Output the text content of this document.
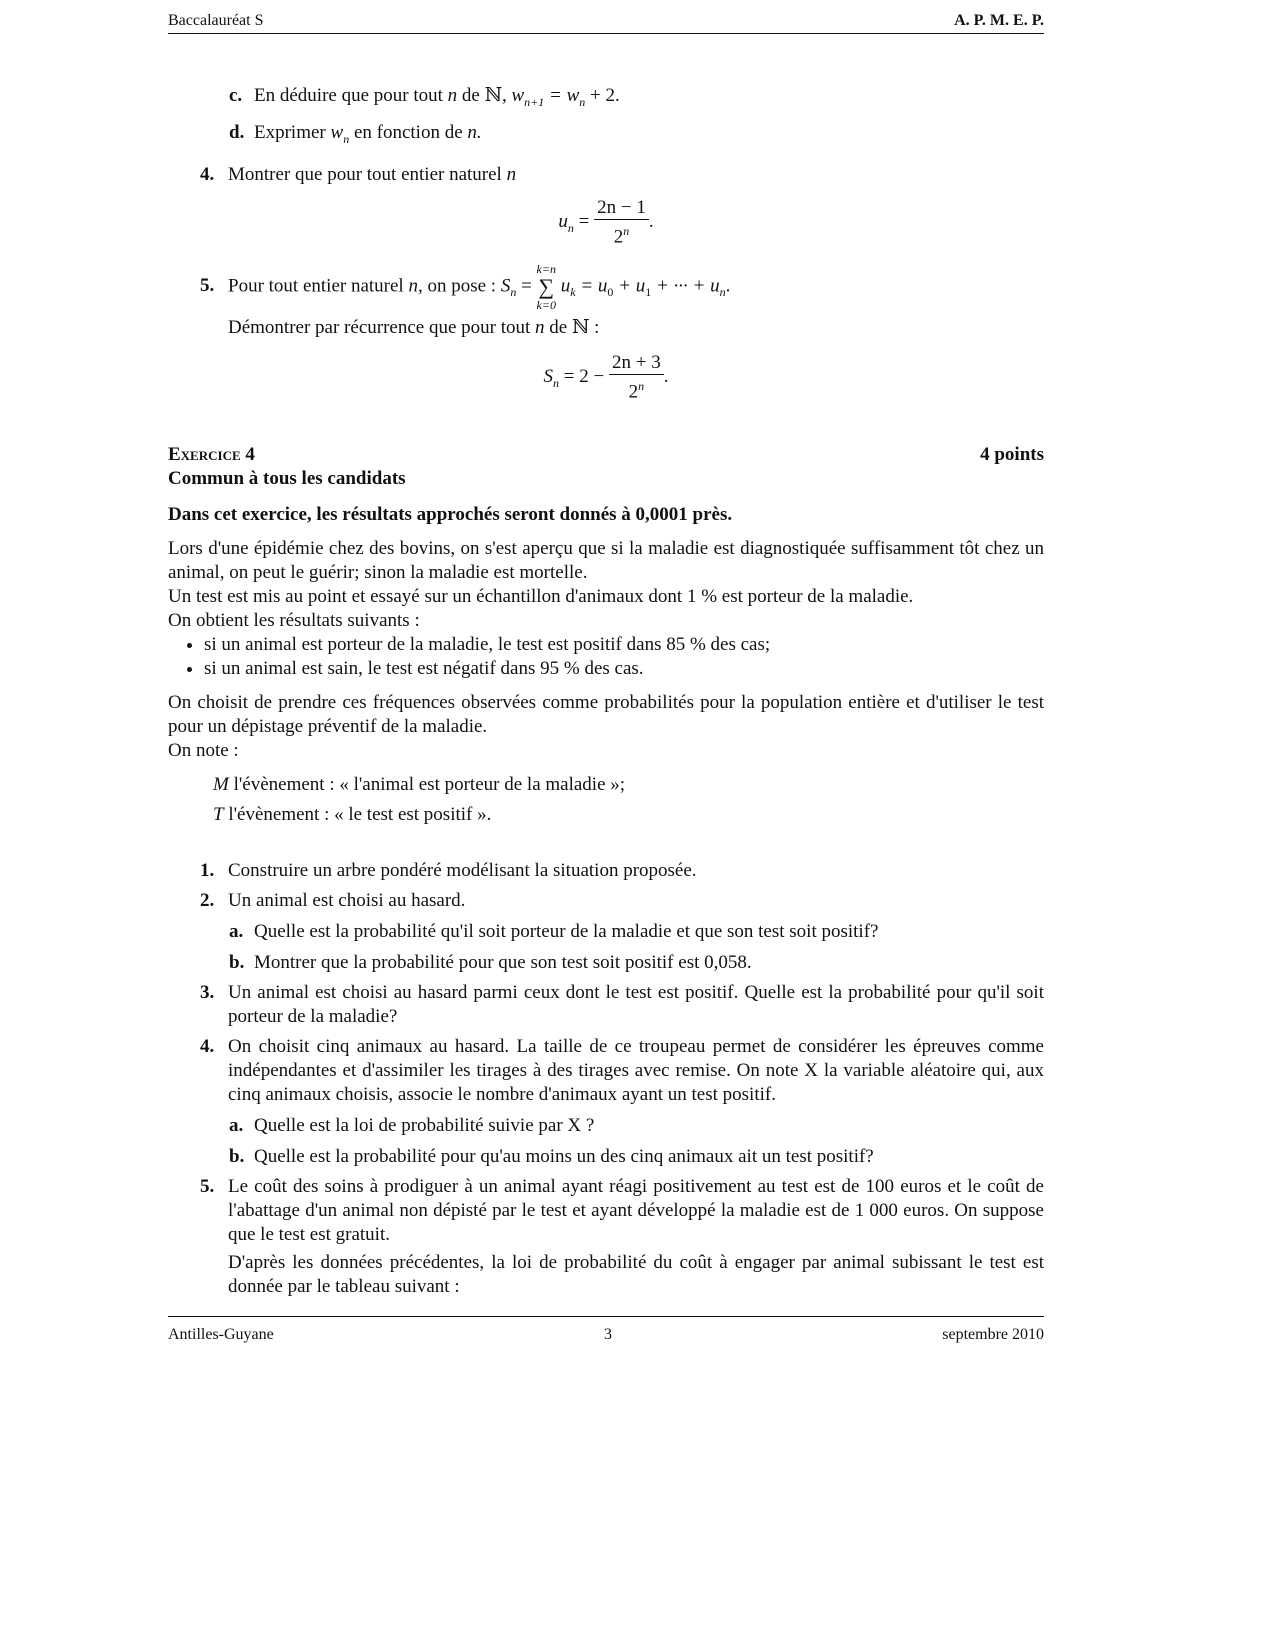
Baccalauréat S	A. P. M. E. P.
c. En déduire que pour tout n de ℕ, $w_{n+1} = w_n + 2$.
d. Exprimer $w_n$ en fonction de n.
4. Montrer que pour tout entier naturel n
$u_n = \frac{2n - 1}{2^n}$ .
5. Pour tout entier naturel n, on pose : $S_n$ =
k=n
∑
k=0
$u_k = u_0 + u_1$ + ··· + $u_n$.
Démontrer par récurrence que pour tout n de ℕ :
$S_n = 2 - \frac{2n + 3}{2^n}$ .
Exercice 4	4 points
Commun à tous les candidats
Dans cet exercice, les résultats approchés seront donnés à 0,0001 près.
Lors d'une épidémie chez des bovins, on s'est aperçu que si la maladie est diagnostiquée suffisamment tôt chez un animal, on peut le guérir; sinon la maladie est mortelle.
Un test est mis au point et essayé sur un échantillon d'animaux dont 1 % est porteur de la maladie.
On obtient les résultats suivants :
• si un animal est porteur de la maladie, le test est positif dans 85 % des cas;
• si un animal est sain, le test est négatif dans 95 % des cas.
On choisit de prendre ces fréquences observées comme probabilités pour la population entière et d'utiliser le test pour un dépistage préventif de la maladie.
On note :
M l'évènement : « l'animal est porteur de la maladie »;
T l'évènement : « le test est positif ».
1. Construire un arbre pondéré modélisant la situation proposée.
2. Un animal est choisi au hasard.
a. Quelle est la probabilité qu'il soit porteur de la maladie et que son test soit positif?
b. Montrer que la probabilité pour que son test soit positif est 0,058.
3. Un animal est choisi au hasard parmi ceux dont le test est positif. Quelle est la probabilité pour qu'il soit porteur de la maladie?
4. On choisit cinq animaux au hasard. La taille de ce troupeau permet de considérer les épreuves comme indépendantes et d'assimiler les tirages à des tirages avec remise. On note X la variable aléatoire qui, aux cinq animaux choisis, associe le nombre d'animaux ayant un test positif.
a. Quelle est la loi de probabilité suivie par X ?
b. Quelle est la probabilité pour qu'au moins un des cinq animaux ait un test positif?
5. Le coût des soins à prodiguer à un animal ayant réagi positivement au test est de 100 euros et le coût de l'abattage d'un animal non dépisté par le test et ayant développé la maladie est de 1 000 euros. On suppose que le test est gratuit.
D'après les données précédentes, la loi de probabilité du coût à engager par animal subissant le test est donnée par le tableau suivant :
Antilles-Guyane	3	septembre 2010
